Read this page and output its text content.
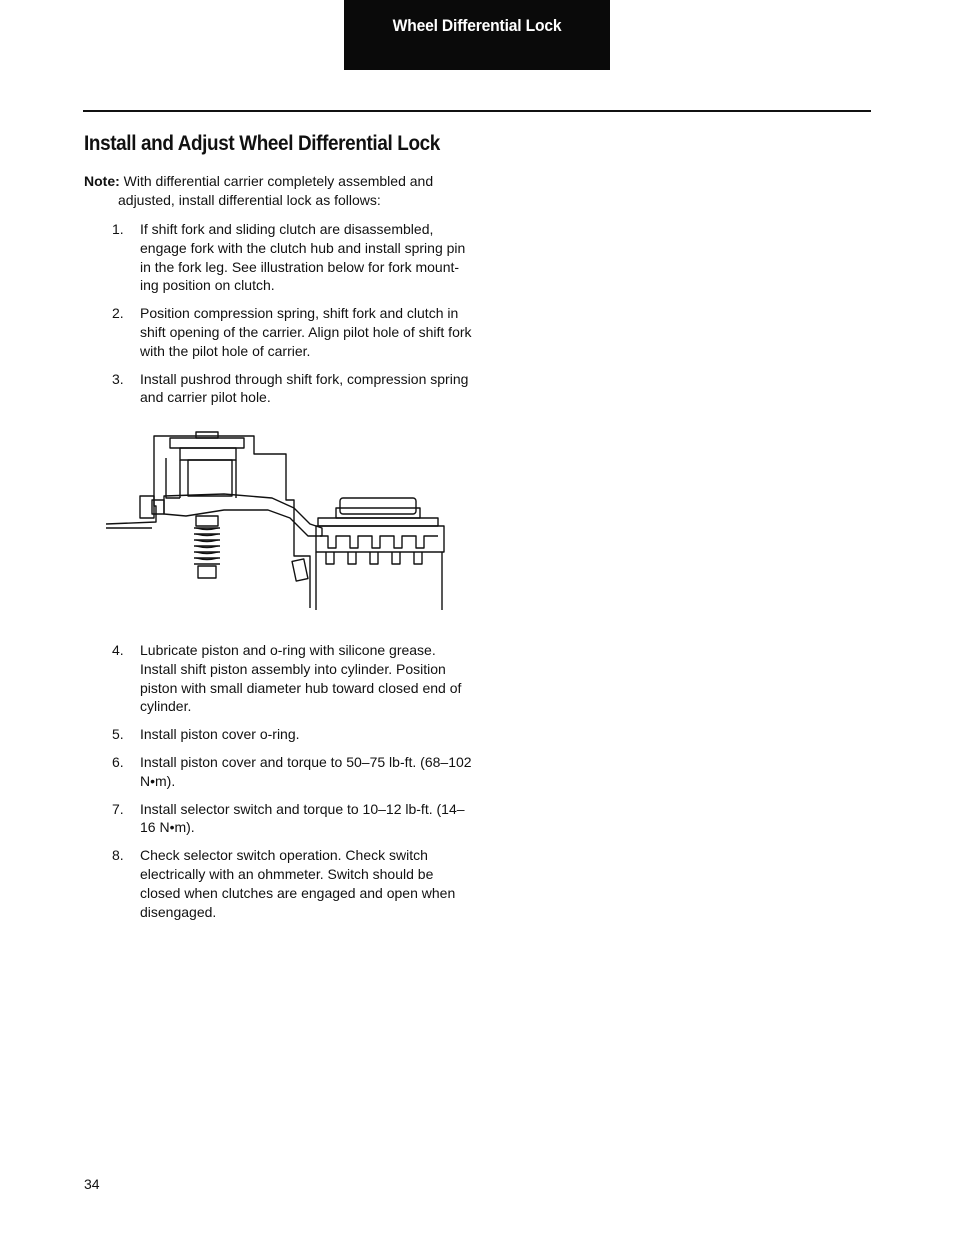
Wheel Differential Lock
Install and Adjust Wheel Differential Lock
Note: With differential carrier completely assembled and
adjusted, install differential lock as follows:
1. If shift fork and sliding clutch are disassembled, engage fork with the clutch hub and install spring pin in the fork leg. See illustration below for fork mount-ing position on clutch.
2. Position compression spring, shift fork and clutch in shift opening of the carrier. Align pilot hole of shift fork with the pilot hole of carrier.
3. Install pushrod through shift fork, compression spring and carrier pilot hole.
4. Lubricate piston and o-ring with silicone grease. Install shift piston assembly into cylinder. Position piston with small diameter hub toward closed end of cylinder.
5. Install piston cover o-ring.
6. Install piston cover and torque to 50–75 lb-ft. (68–102 N•m).
7. Install selector switch and torque to 10–12 lb-ft. (14–16 N•m).
8. Check selector switch operation. Check switch electrically with an ohmmeter. Switch should be closed when clutches are engaged and open when disengaged.
34
